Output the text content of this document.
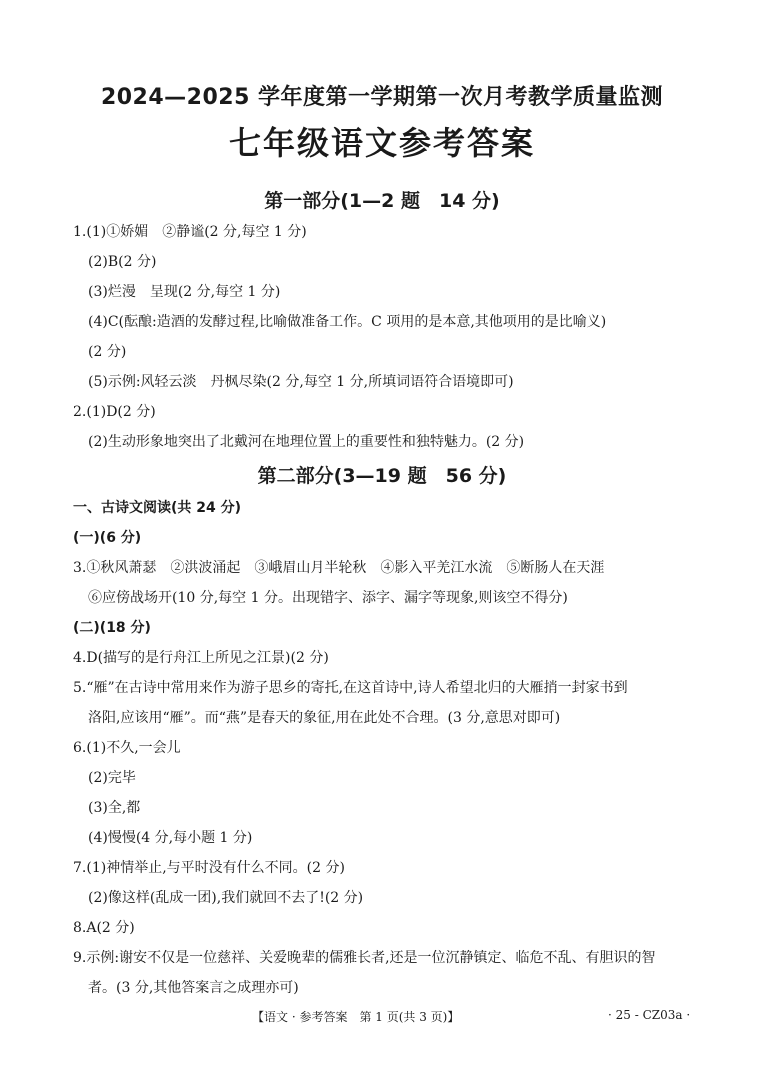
2024—2025 学年度第一学期第一次月考教学质量监测
七年级语文参考答案
第一部分(1—2 题　14 分)
1.(1)①娇媚　②静谧(2 分,每空 1 分)
(2)B(2 分)
(3)烂漫　呈现(2 分,每空 1 分)
(4)C(酝酿:造酒的发酵过程,比喻做准备工作。C 项用的是本意,其他项用的是比喻义)
(2 分)
(5)示例:风轻云淡　丹枫尽染(2 分,每空 1 分,所填词语符合语境即可)
2.(1)D(2 分)
(2)生动形象地突出了北戴河在地理位置上的重要性和独特魅力。(2 分)
第二部分(3—19 题　56 分)
一、古诗文阅读(共 24 分)
(一)(6 分)
3.①秋风萧瑟　②洪波涌起　③峨眉山月半轮秋　④影入平羌江水流　⑤断肠人在天涯
⑥应傍战场开(10 分,每空 1 分。出现错字、添字、漏字等现象,则该空不得分)
(二)(18 分)
4.D(描写的是行舟江上所见之江景)(2 分)
5.“雁”在古诗中常用来作为游子思乡的寄托,在这首诗中,诗人希望北归的大雁捎一封家书到
洛阳,应该用“雁”。而“燕”是春天的象征,用在此处不合理。(3 分,意思对即可)
6.(1)不久,一会儿
(2)完毕
(3)全,都
(4)慢慢(4 分,每小题 1 分)
7.(1)神情举止,与平时没有什么不同。(2 分)
(2)像这样(乱成一团),我们就回不去了!(2 分)
8.A(2 分)
9.示例:谢安不仅是一位慈祥、关爱晚辈的儒雅长者,还是一位沉静镇定、临危不乱、有胆识的智
者。(3 分,其他答案言之成理亦可)
【语文 · 参考答案　第 1 页(共 3 页)】	· 25 - CZ03a ·
